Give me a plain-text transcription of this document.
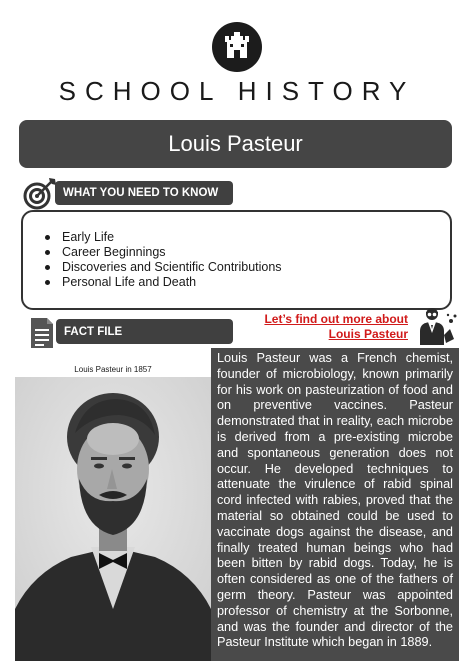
SCHOOL HISTORY
Louis Pasteur
WHAT YOU NEED TO KNOW
Early Life
Career Beginnings
Discoveries and Scientific Contributions
Personal Life and Death
FACT FILE
Let’s find out more about
Louis Pasteur
Louis Pasteur in 1857

Louis Pasteur was a French chemist, founder of microbiology, known primarily for his work on pasteurization of food and on preventive vaccines. Pasteur demonstrated that in reality, each microbe is derived from a pre-existing microbe and spontaneous generation does not occur. He developed techniques to attenuate the virulence of rabid spinal cord infected with rabies, proved that the material so obtained could be used to vaccinate dogs against the disease, and finally treated human beings who had been bitten by rabid dogs. Today, he is often considered as one of the fathers of germ theory. Pasteur was appointed professor of chemistry at the Sorbonne, and was the founder and director of the Pasteur Institute which began in 1889.
